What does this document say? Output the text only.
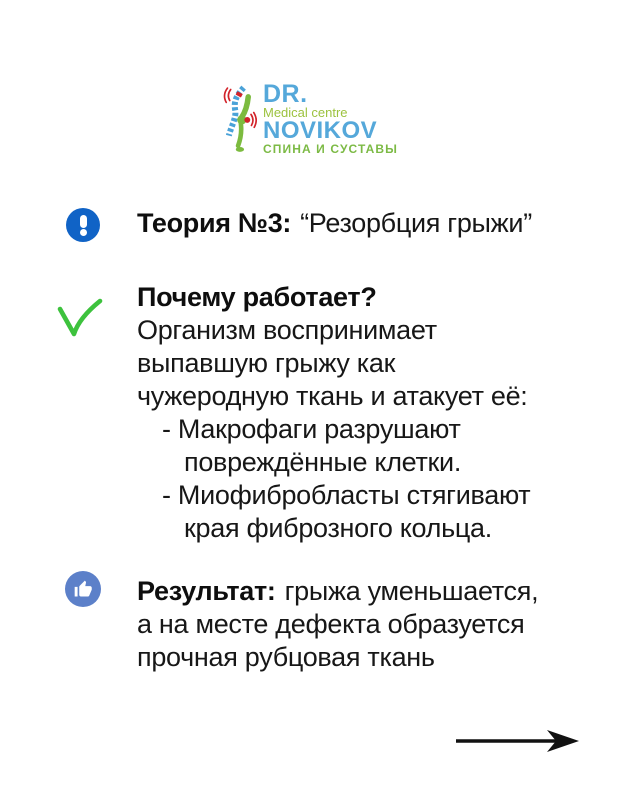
DR.
Medical centre
NOVIKOV
СПИНА И СУСТАВЫ
Теория №3: “Резорбция грыжи”
Почему работает?
Организм воспринимает
выпавшую грыжу как
чужеродную ткань и атакует её:
- Макрофаги разрушают
повреждённые клетки.
- Миофибробласты стягивают
края фиброзного кольца.
Результат: грыжа уменьшается,
а на месте дефекта образуется
прочная рубцовая ткань
